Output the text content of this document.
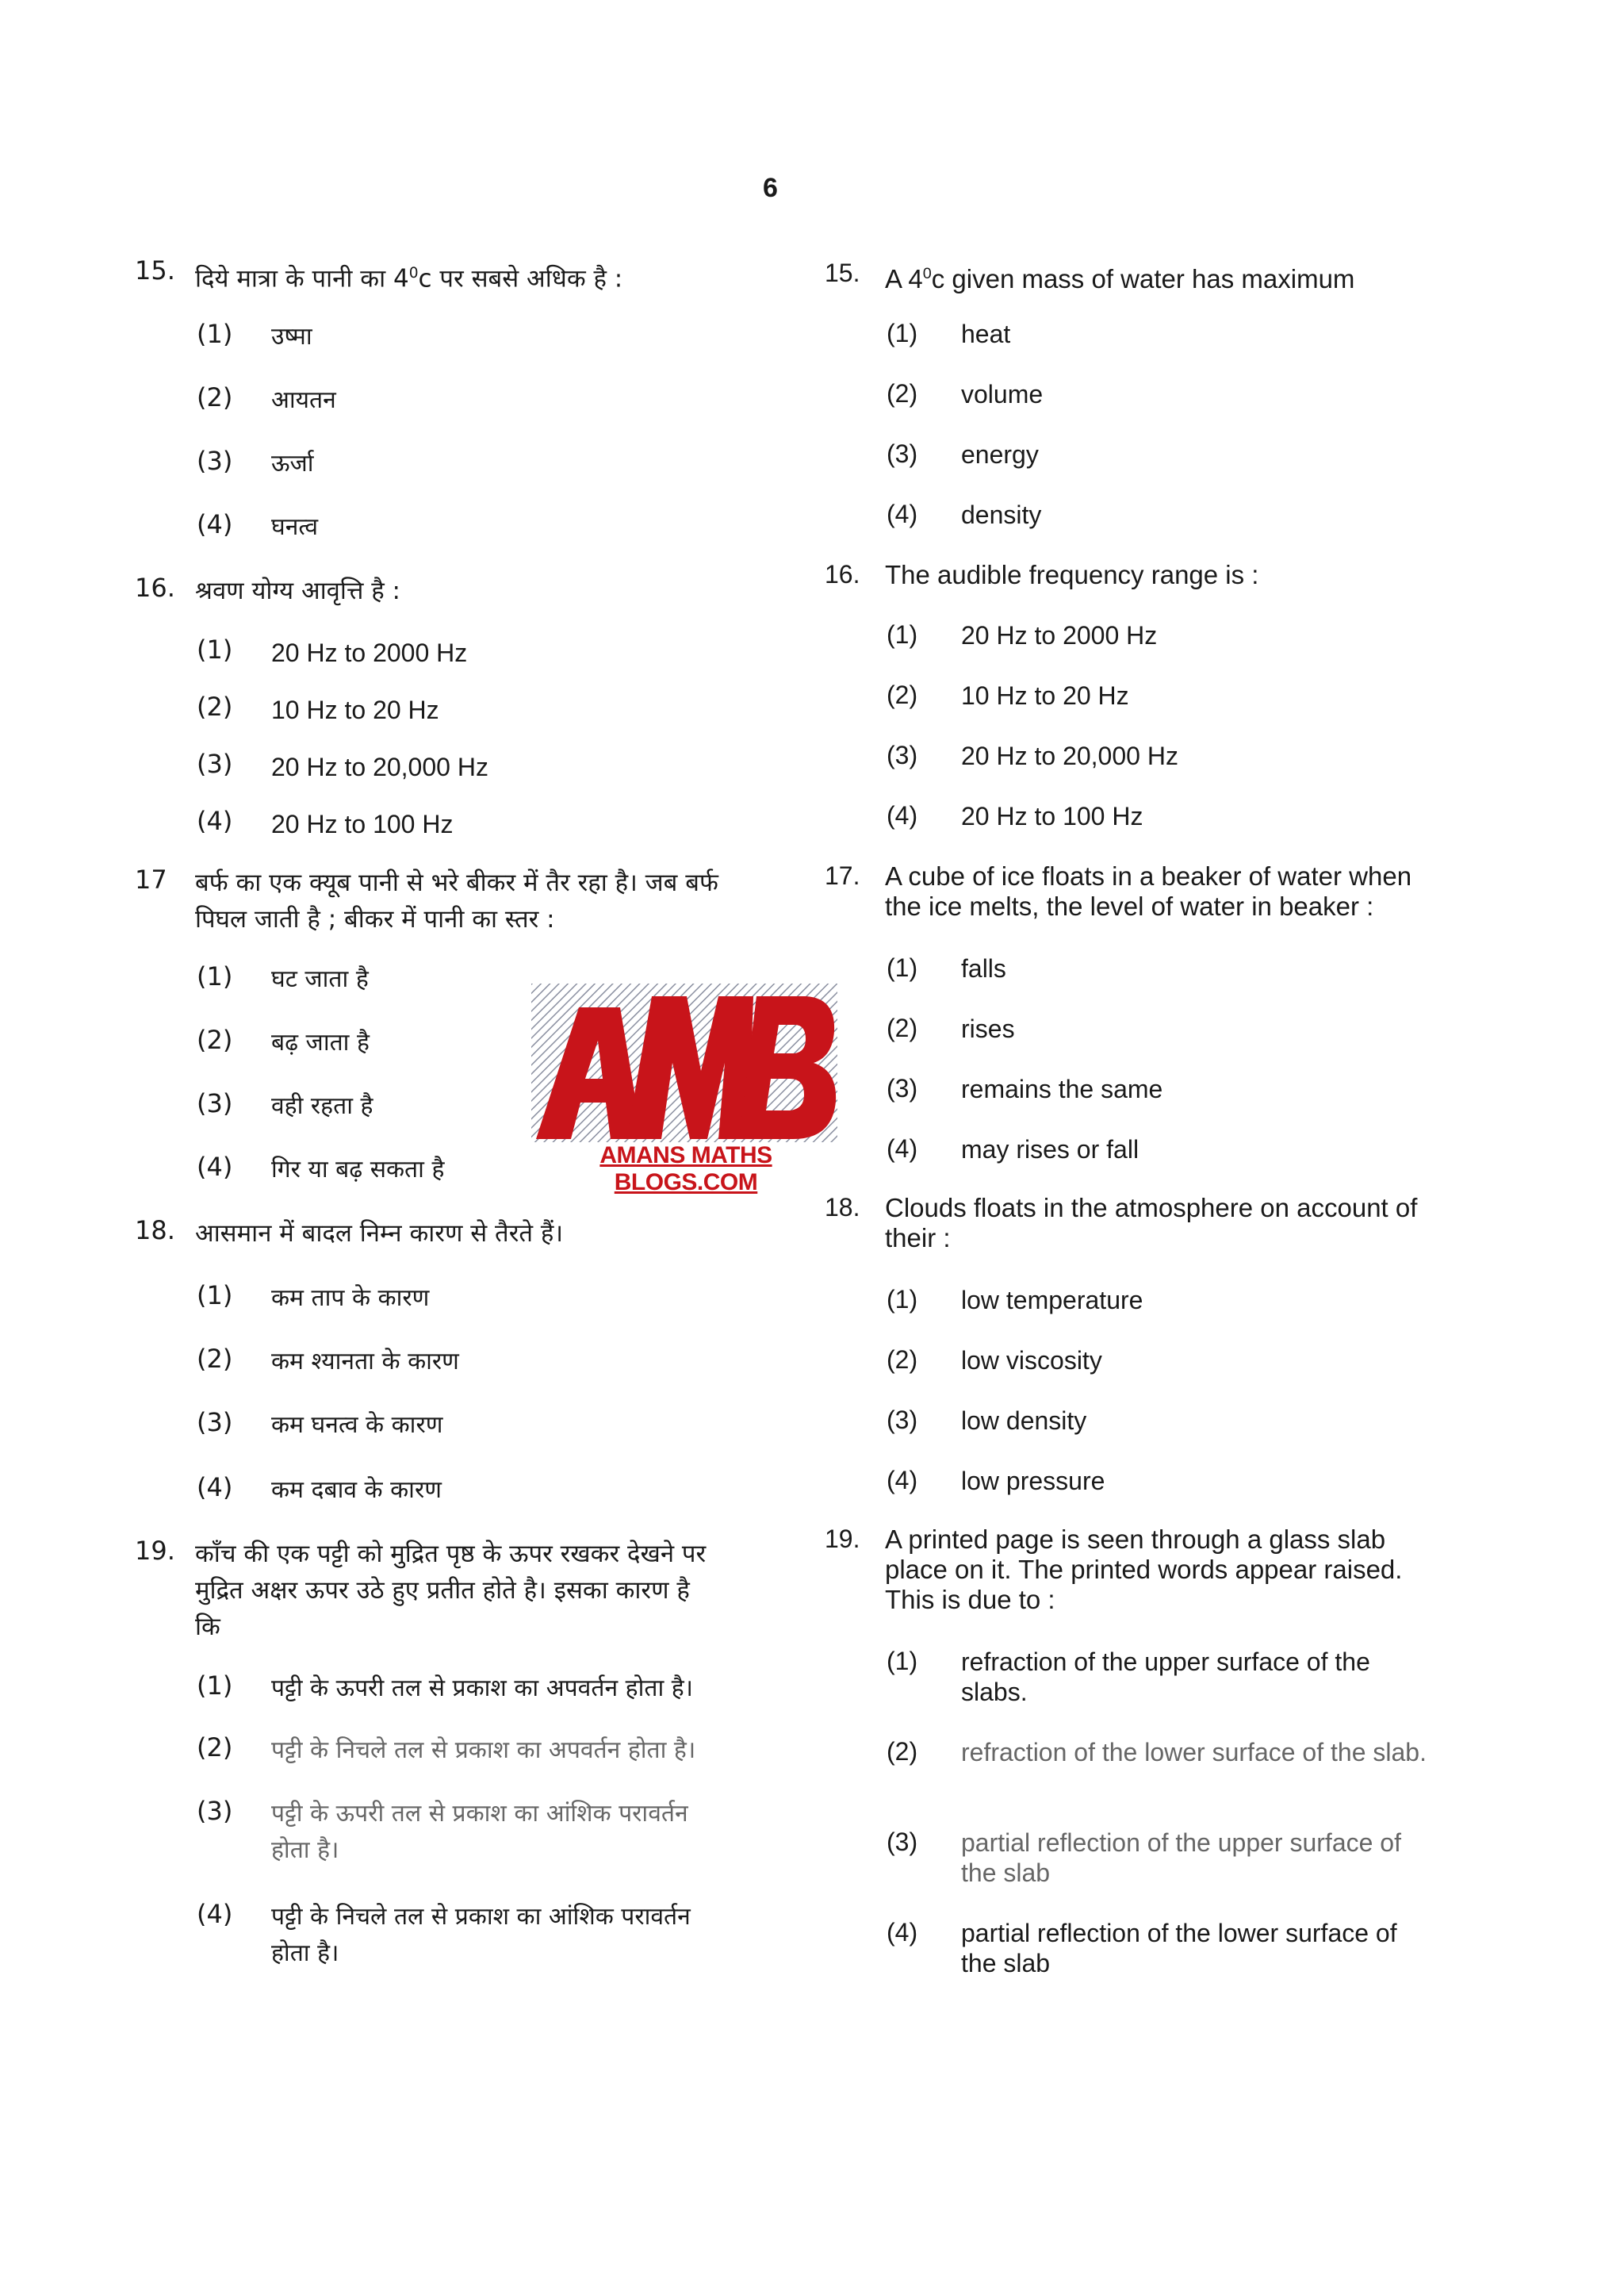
6
15. दिये मात्रा के पानी का $4^0c$ पर सबसे अधिक है :
(1) उष्मा
(2) आयतन
(3) ऊर्जा
(4) घनत्व
16. श्रवण योग्य आवृत्ति है :
(1) 20 Hz to 2000 Hz
(2) 10 Hz to 20 Hz
(3) 20 Hz to 20,000 Hz
(4) 20 Hz to 100 Hz
17	बर्फ का एक क्यूब पानी से भरे बीकर में तैर रहा है। जब बर्फ पिघल जाती है ; बीकर में पानी का स्तर :
(1) घट जाता है
(2) बढ़ जाता है
(3) वही रहता है
(4) गिर या बढ़ सकता है
18. आसमान में बादल निम्न कारण से तैरते हैं।
(1) कम ताप के कारण
(2) कम श्यानता के कारण
(3) कम घनत्व के कारण
(4) कम दबाव के कारण
19. काँच की एक पट्टी को मुद्रित पृष्ठ के ऊपर रखकर देखने पर मुद्रित अक्षर ऊपर उठे हुए प्रतीत होते है। इसका कारण है कि
(1) पट्टी के ऊपरी तल से प्रकाश का अपवर्तन होता है।
(2) पट्टी के निचले तल से प्रकाश का अपवर्तन होता है।
(3) पट्टी के ऊपरी तल से प्रकाश का आंशिक परावर्तन होता है।
(4) पट्टी के निचले तल से प्रकाश का आंशिक परावर्तन होता है।
15. A $4^0c$ given mass of water has maximum
(1) heat
(2) volume
(3) energy
(4) density
16. The audible frequency range is :
(1) 20 Hz to 2000 Hz
(2) 10 Hz to 20 Hz
(3) 20 Hz to 20,000 Hz
(4) 20 Hz to 100 Hz
17. A cube of ice floats in a beaker of water when the ice melts, the level of water in beaker :
(1) falls
(2) rises
(3) remains the same
(4) may rises or fall
18. Clouds floats in the atmosphere on account of their :
(1) low temperature
(2) low viscosity
(3) low density
(4) low pressure
19. A printed page is seen through a glass slab place on it. The printed words appear raised. This is due to :
(1) refraction of the upper surface of the slabs.
(2) refraction of the lower surface of the slab.
(3) partial reflection of the upper surface of the slab
(4) partial reflection of the lower surface of the slab
AMANS MATHS BLOGS.COM
